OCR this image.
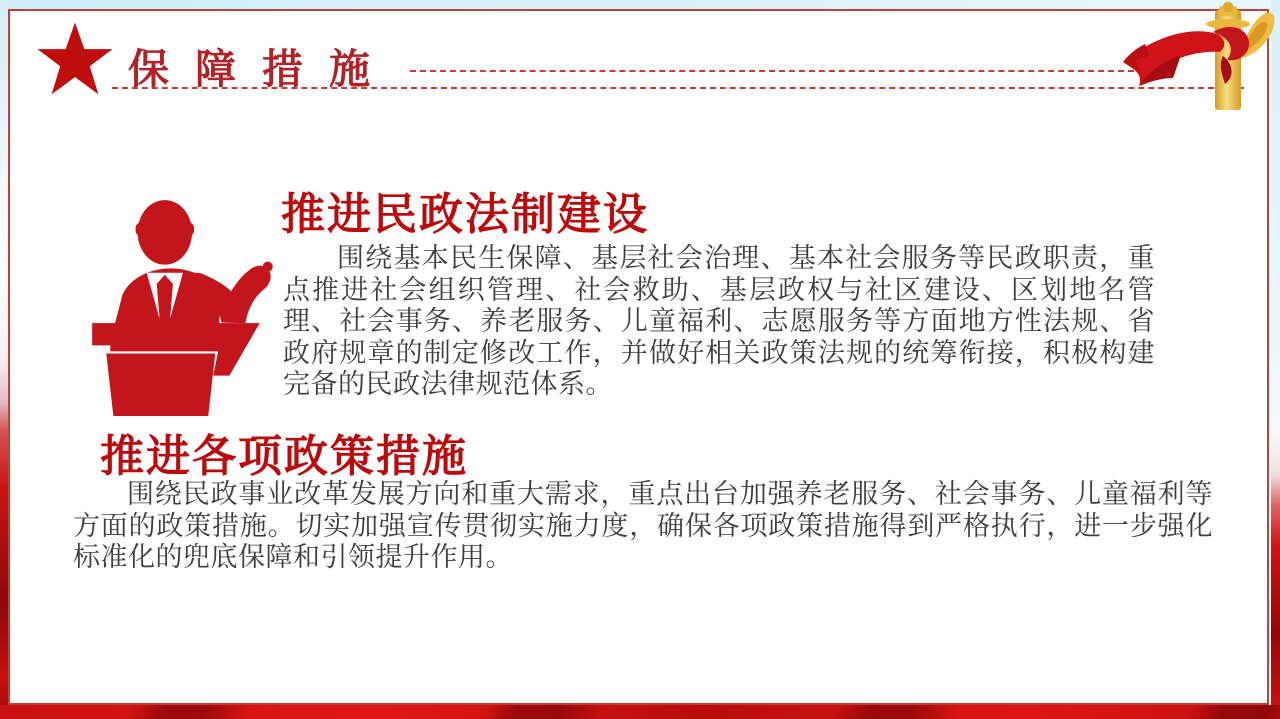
保障措施
推进民政法制建设

围绕基本民生保障、基层社会治理、基本社会服务等民政职责，重点推进社会组织管理、社会救助、基层政权与社区建设、区划地名管理、社会事务、养老服务、儿童福利、志愿服务等方面地方性法规、省政府规章的制定修改工作，并做好相关政策法规的统筹衔接，积极构建完备的民政法律规范体系。

推进各项政策措施

围绕民政事业改革发展方向和重大需求，重点出台加强养老服务、社会事务、儿童福利等方面的政策措施。切实加强宣传贯彻实施力度，确保各项政策措施得到严格执行，进一步强化标准化的兜底保障和引领提升作用。
